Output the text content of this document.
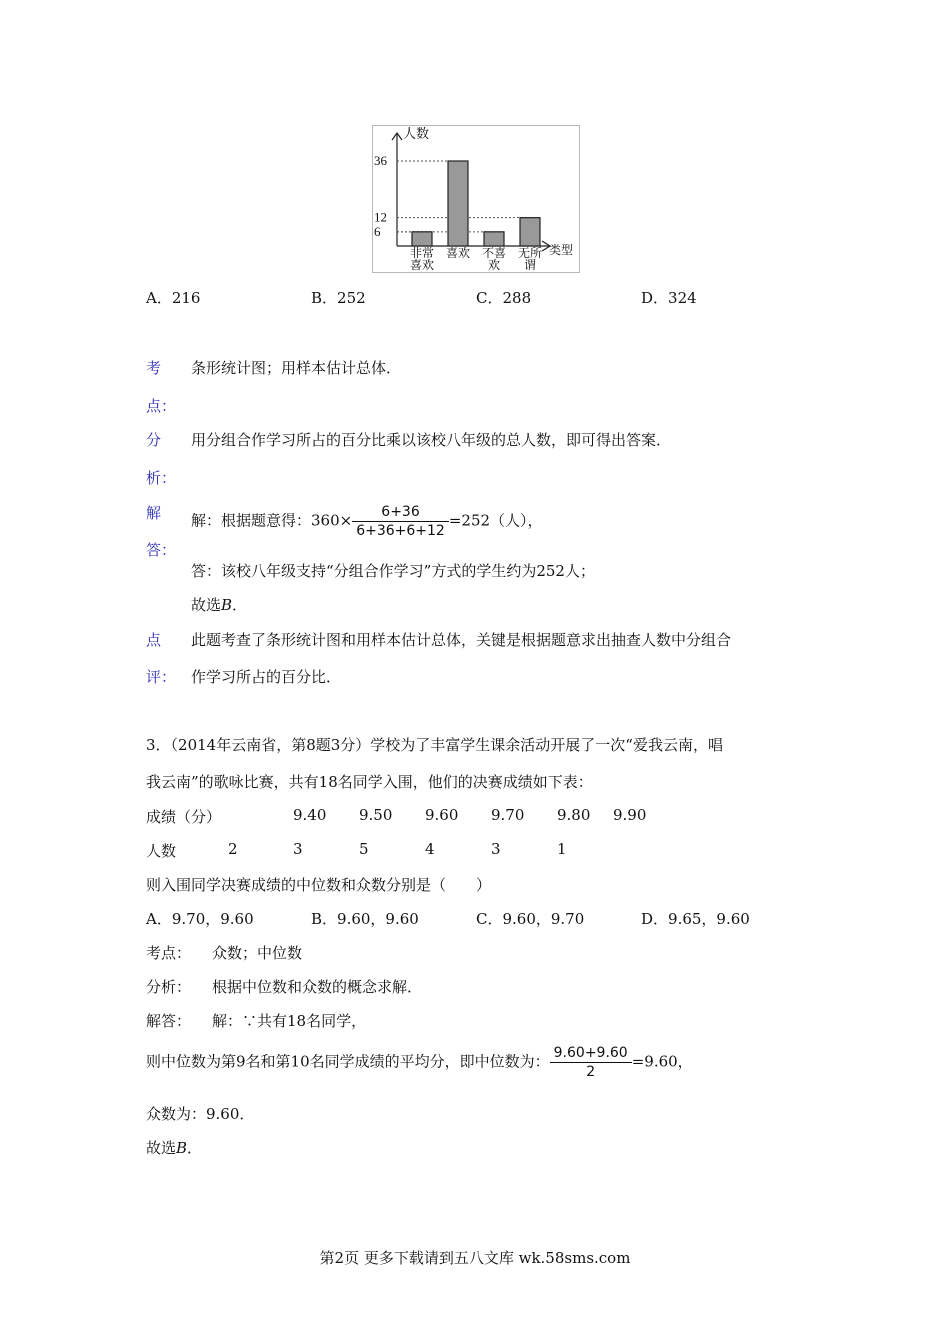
36
12
6
非常
喜欢
喜欢 不喜
欢
无所
谓
人数
类型
A．216	B．252	C．288	D．324
考
点：
条形统计图；用样本估计总体．
分
析：
用分组合作学习所占的百分比乘以该校八年级的总人数，即可得出答案．
解
答：
解：根据题意得：$360\times \frac{6+36}{6+36+6+12} =252$（人），
答：该校八年级支持“分组合作学习”方式的学生约为252人；
故选B．
点
评：
此题考查了条形统计图和用样本估计总体，关键是根据题意求出抽查人数中分组合
作学习所占的百分比．
3．（2014年云南省，第8题3分）学校为了丰富学生课余活动开展了一次“爱我云南，唱
我云南”的歌咏比赛，共有18名同学入围，他们的决赛成绩如下表：
成绩（分）	9.40 9.50 9.60 9.70 9.80 9.90
人数	2	3	5	4	3	1
则入围同学决赛成绩的中位数和众数分别是（　　）
A．9.70，9.60	B．9.60，9.60	C．9.60，9.70	D．9.65，9.60
考点： 众数；中位数
分析： 根据中位数和众数的概念求解．
解答： 解：∵共有18名同学，
则中位数为第9名和第10名同学成绩的平均分，即中位数为： $\frac{9.60+9.60}{2} =9.60$，
众数为：9.60．
故选B．
第2页 更多下载请到五八文库 wk.58sms.com
